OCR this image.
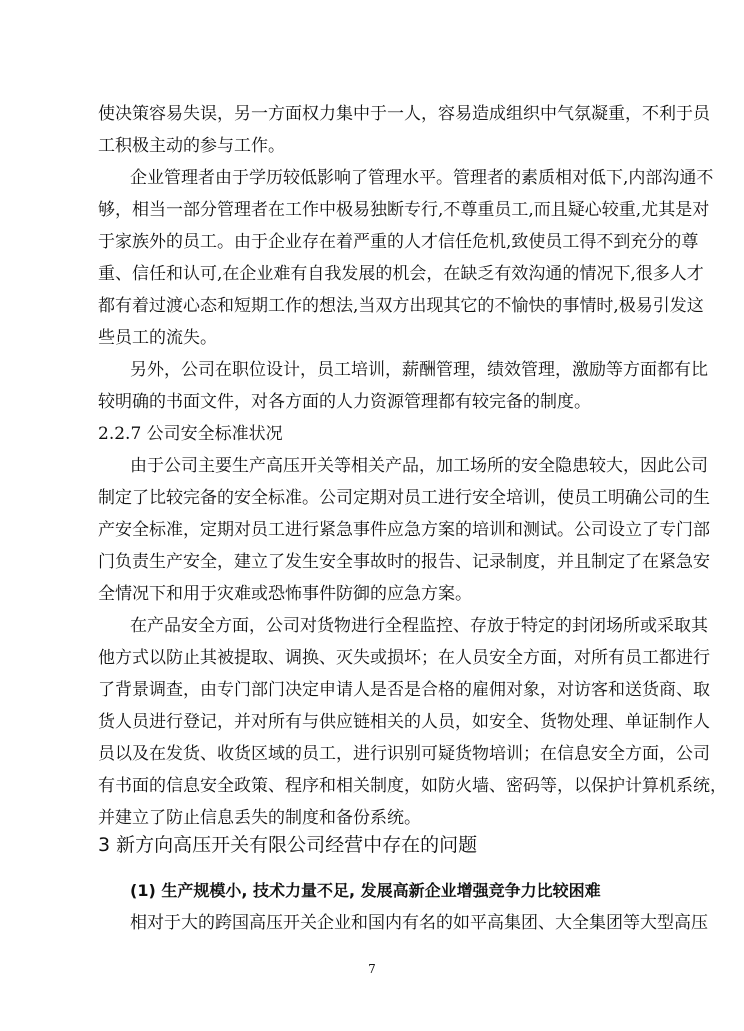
使决策容易失误，另一方面权力集中于一人，容易造成组织中气氛凝重，不利于员
工积极主动的参与工作。
企业管理者由于学历较低影响了管理水平。管理者的素质相对低下,内部沟通不
够，相当一部分管理者在工作中极易独断专行,不尊重员工,而且疑心较重,尤其是对
于家族外的员工。由于企业存在着严重的人才信任危机,致使员工得不到充分的尊
重、信任和认可,在企业难有自我发展的机会，在缺乏有效沟通的情况下,很多人才
都有着过渡心态和短期工作的想法,当双方出现其它的不愉快的事情时,极易引发这
些员工的流失。
另外，公司在职位设计，员工培训，薪酬管理，绩效管理，激励等方面都有比
较明确的书面文件，对各方面的人力资源管理都有较完备的制度。
2.2.7 公司安全标准状况
由于公司主要生产高压开关等相关产品，加工场所的安全隐患较大，因此公司
制定了比较完备的安全标准。公司定期对员工进行安全培训，使员工明确公司的生
产安全标准，定期对员工进行紧急事件应急方案的培训和测试。公司设立了专门部
门负责生产安全，建立了发生安全事故时的报告、记录制度，并且制定了在紧急安
全情况下和用于灾难或恐怖事件防御的应急方案。
在产品安全方面，公司对货物进行全程监控、存放于特定的封闭场所或采取其
他方式以防止其被提取、调换、灭失或损坏；在人员安全方面，对所有员工都进行
了背景调查，由专门部门决定申请人是否是合格的雇佣对象，对访客和送货商、取
货人员进行登记，并对所有与供应链相关的人员，如安全、货物处理、单证制作人
员以及在发货、收货区域的员工，进行识别可疑货物培训；在信息安全方面，公司
有书面的信息安全政策、程序和相关制度，如防火墙、密码等，以保护计算机系统，
并建立了防止信息丢失的制度和备份系统。
3 新方向高压开关有限公司经营中存在的问题
(1) 生产规模小, 技术力量不足, 发展高新企业增强竞争力比较困难
相对于大的跨国高压开关企业和国内有名的如平高集团、大全集团等大型高压
7
